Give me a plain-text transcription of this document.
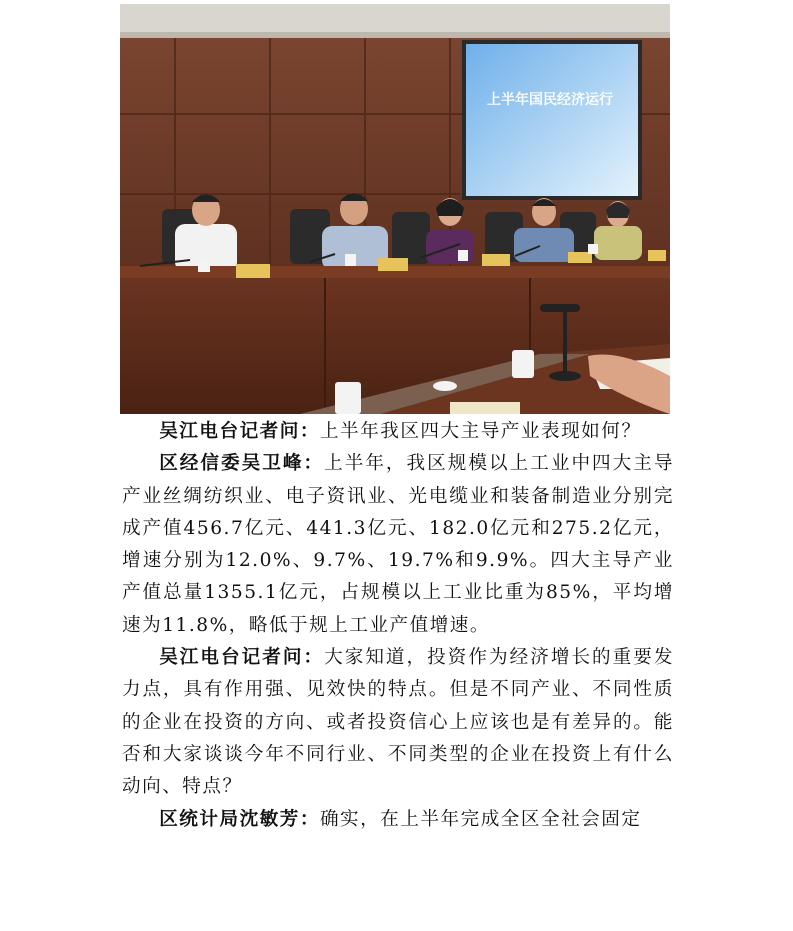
上半年国民经济运行

吴江电台记者问：上半年我区四大主导产业表现如何？

区经信委吴卫峰：上半年，我区规模以上工业中四大主导产业丝绸纺织业、电子资讯业、光电缆业和装备制造业分别完成产值456.7亿元、441.3亿元、182.0亿元和275.2亿元，增速分别为12.0%、9.7%、19.7%和9.9%。四大主导产业产值总量1355.1亿元，占规模以上工业比重为85%，平均增速为11.8%，略低于规上工业产值增速。

吴江电台记者问：大家知道，投资作为经济增长的重要发力点，具有作用强、见效快的特点。但是不同产业、不同性质的企业在投资的方向、或者投资信心上应该也是有差异的。能否和大家谈谈今年不同行业、不同类型的企业在投资上有什么动向、特点？

区统计局沈敏芳：确实，在上半年完成全区全社会固定
